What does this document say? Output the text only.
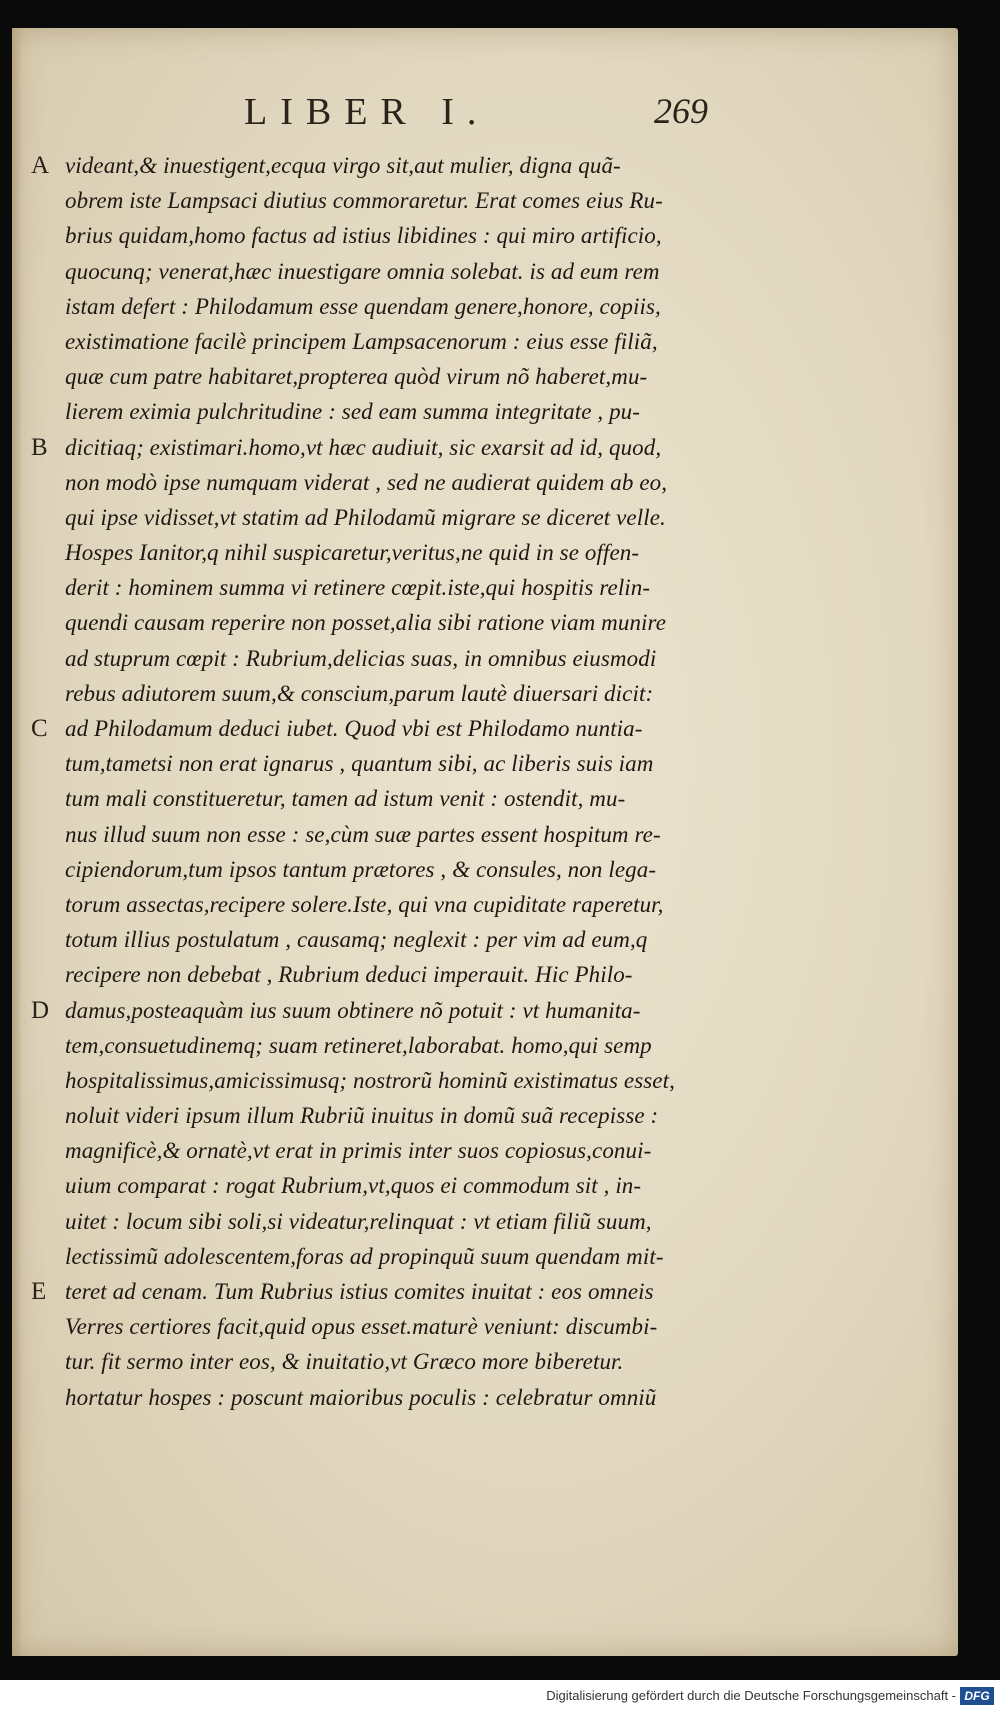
LIBER I.	269
A videant,& inuestigent,ecqua virgo sit,aut mulier, digna quã-
obrem iste Lampsaci diutius commoraretur. Erat comes eius Ru-
brius quidam,homo factus ad istius libidines : qui miro artificio,
quocunq; venerat,hæc inuestigare omnia solebat. is ad eum rem
istam defert : Philodamum esse quendam genere,honore, copiis,
existimatione facilè principem Lampsacenorum : eius esse filiã,
quæ cum patre habitaret,propterea quòd virum nõ haberet,mu-
lierem eximia pulchritudine : sed eam summa integritate , pu-
B dicitiaq; existimari.homo,vt hæc audiuit, sic exarsit ad id, quod,
non modò ipse numquam viderat , sed ne audierat quidem ab eo,
qui ipse vidisset,vt statim ad Philodamũ migrare se diceret velle.
Hospes Ianitor,q nihil suspicaretur,veritus,ne quid in se offen-
derit : hominem summa vi retinere cœpit.iste,qui hospitis relin-
quendi causam reperire non posset,alia sibi ratione viam munire
ad stuprum cœpit : Rubrium,delicias suas, in omnibus eiusmodi
rebus adiutorem suum,& conscium,parum lautè diuersari dicit:
C ad Philodamum deduci iubet. Quod vbi est Philodamo nuntia-
tum,tametsi non erat ignarus , quantum sibi, ac liberis suis iam
tum mali constitueretur, tamen ad istum venit : ostendit, mu-
nus illud suum non esse : se,cùm suæ partes essent hospitum re-
cipiendorum,tum ipsos tantum prætores , & consules, non lega-
torum assectas,recipere solere.Iste, qui vna cupiditate raperetur,
totum illius postulatum , causamq; neglexit : per vim ad eum,q
recipere non debebat , Rubrium deduci imperauit. Hic Philo-
D damus,posteaquàm ius suum obtinere nõ potuit : vt humanita-
tem,consuetudinemq; suam retineret,laborabat. homo,qui semp
hospitalissimus,amicissimusq; nostrorũ hominũ existimatus esset,
noluit videri ipsum illum Rubriũ inuitus in domũ suã recepisse :
magnificè,& ornatè,vt erat in primis inter suos copiosus,conui-
uium comparat : rogat Rubrium,vt,quos ei commodum sit , in-
uitet : locum sibi soli,si videatur,relinquat : vt etiam filiũ suum,
lectissimũ adolescentem,foras ad propinquũ suum quendam mit-
E teret ad cenam. Tum Rubrius istius comites inuitat : eos omneis
Verres certiores facit,quid opus esset.maturè veniunt: discumbi-
tur. fit sermo inter eos, & inuitatio,vt Græco more biberetur.
hortatur hospes : poscunt maioribus poculis : celebratur omniũ
Digitalisierung gefördert durch die Deutsche Forschungsgemeinschaft - DFG
